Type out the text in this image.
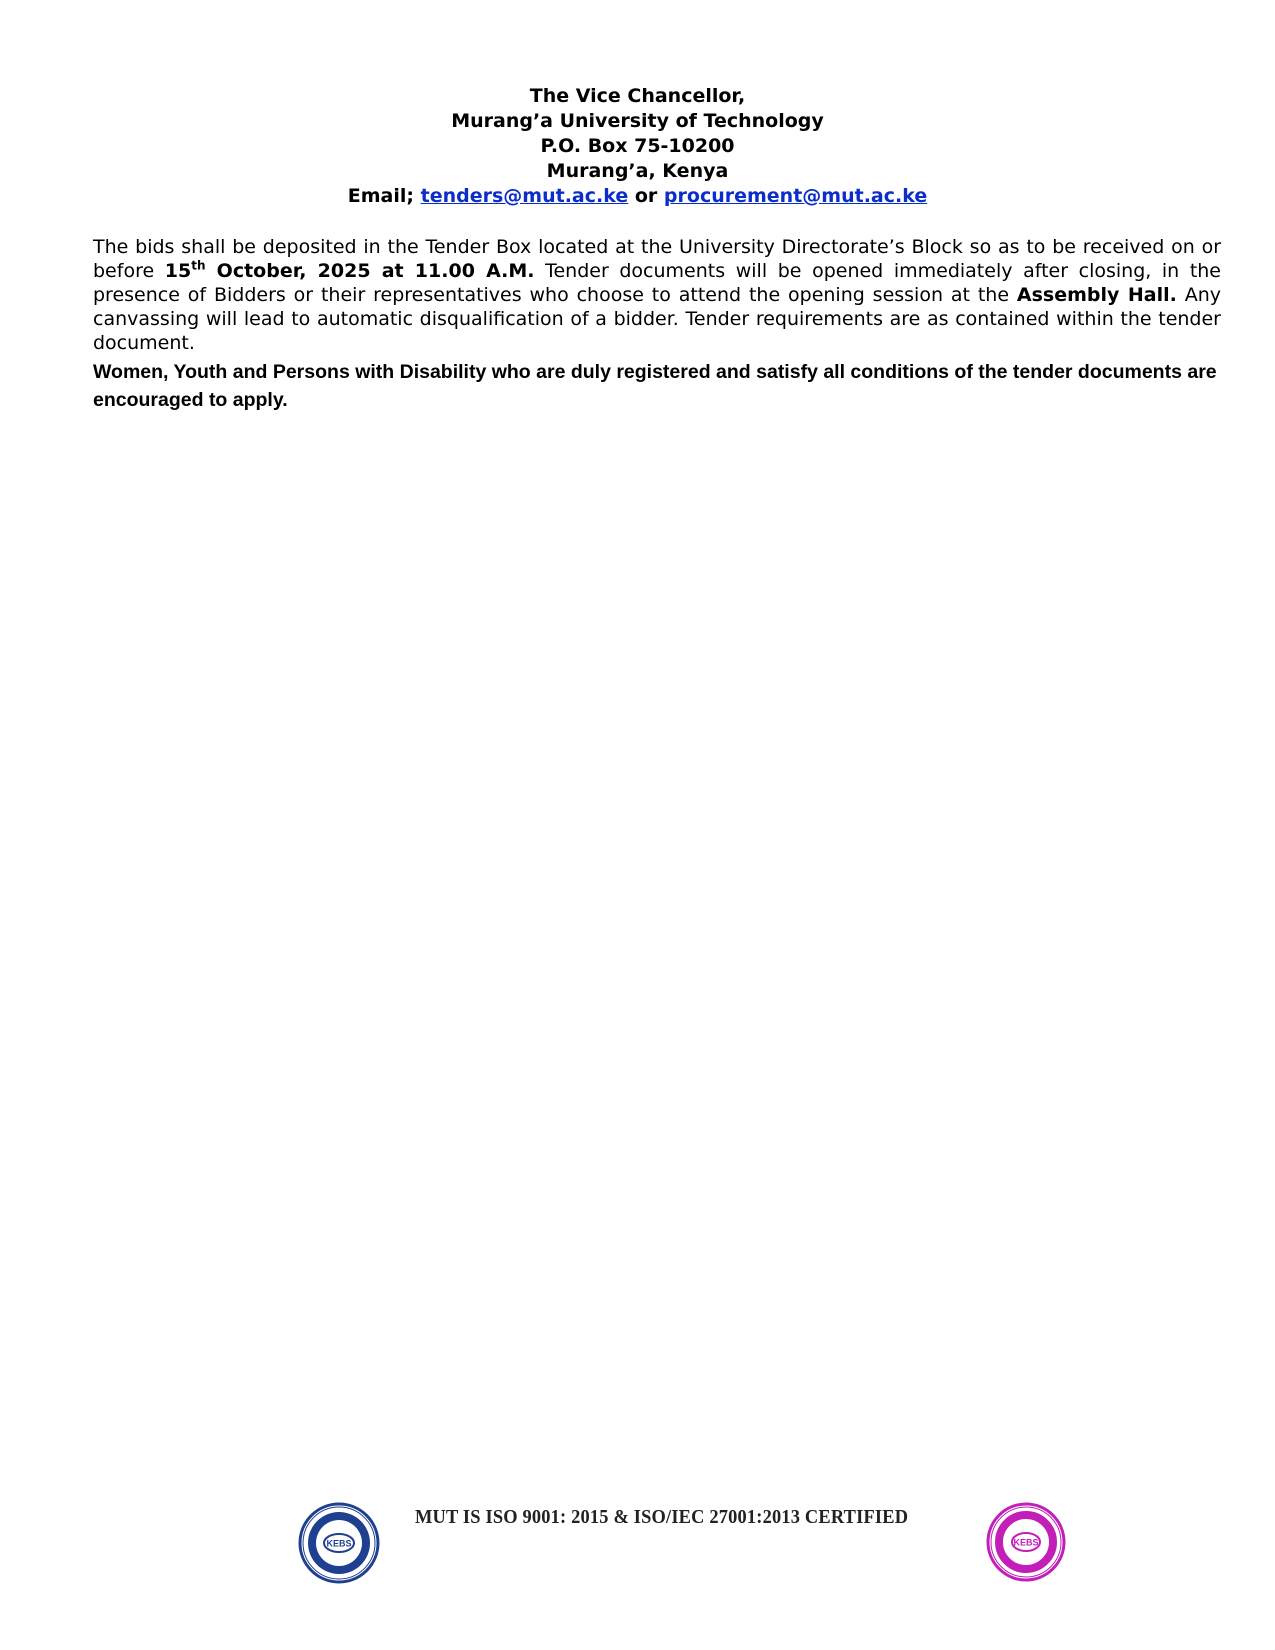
The Vice Chancellor,
Murang’a University of Technology
P.O. Box 75-10200
Murang’a, Kenya
Email; tenders@mut.ac.ke or procurement@mut.ac.ke
The bids shall be deposited in the Tender Box located at the University Directorate’s Block so as to be received on or before 15th October, 2025 at 11.00 A.M. Tender documents will be opened immediately after closing, in the presence of Bidders or their representatives who choose to attend the opening session at the Assembly Hall. Any canvassing will lead to automatic disqualification of a bidder. Tender requirements are as contained within the tender document.
Women, Youth and Persons with Disability who are duly registered and satisfy all conditions of the tender documents are encouraged to apply.
KEBS
MUT IS ISO 9001: 2015 & ISO/IEC 27001:2013 CERTIFIED
KEBS
